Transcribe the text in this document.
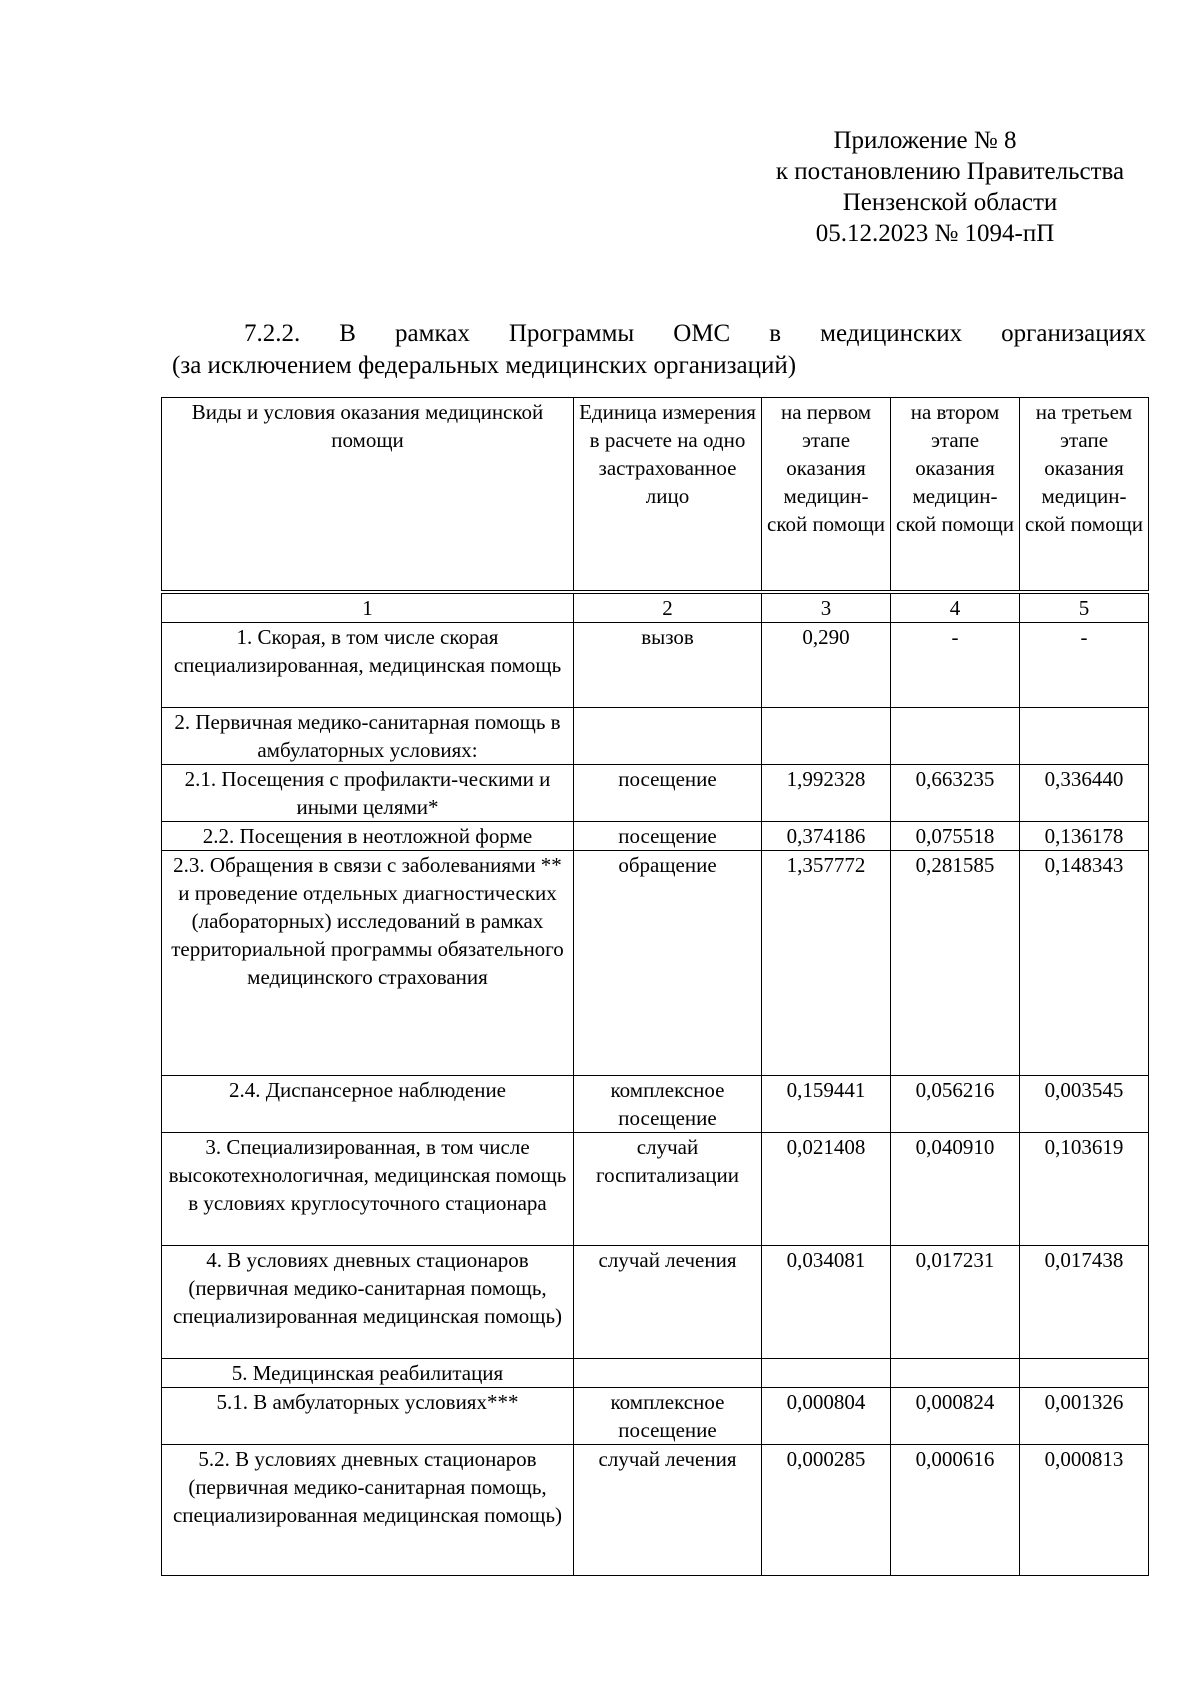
Приложение № 8
к постановлению Правительства
Пензенской области
05.12.2023 № 1094-пП
7.2.2. В рамках Программы ОМС в медицинских организациях
(за исключением федеральных медицинских организаций)
Виды и условия оказания медицинской помощи	Единица измерения в расчете на одно застрахованное лицо	на первом этапе оказания медицин-ской помощи	на втором этапе оказания медицин-ской помощи	на третьем этапе оказания медицин-ской помощи
1	2	3	4	5
1. Скорая, в том числе скорая специализированная, медицинская помощь	вызов	0,290	-	-
2. Первичная медико-санитарная помощь в амбулаторных условиях:				
2.1. Посещения с профилакти-ческими и иными целями*	посещение	1,992328	0,663235	0,336440
2.2. Посещения в неотложной форме	посещение	0,374186	0,075518	0,136178
2.3. Обращения в связи с заболеваниями ** и проведение отдельных диагностических (лабораторных) исследований в рамках территориальной программы обязательного медицинского страхования	обращение	1,357772	0,281585	0,148343
2.4. Диспансерное наблюдение	комплексное посещение	0,159441	0,056216	0,003545
3. Специализированная, в том числе высокотехнологичная, медицинская помощь в условиях круглосуточного стационара	случай госпитализации	0,021408	0,040910	0,103619
4. В условиях дневных стационаров (первичная медико-санитарная помощь, специализированная медицинская помощь)	случай лечения	0,034081	0,017231	0,017438
5. Медицинская реабилитация				
5.1. В амбулаторных условиях***	комплексное посещение	0,000804	0,000824	0,001326
5.2. В условиях дневных стационаров (первичная медико-санитарная помощь, специализированная медицинская помощь)	случай лечения	0,000285	0,000616	0,000813
